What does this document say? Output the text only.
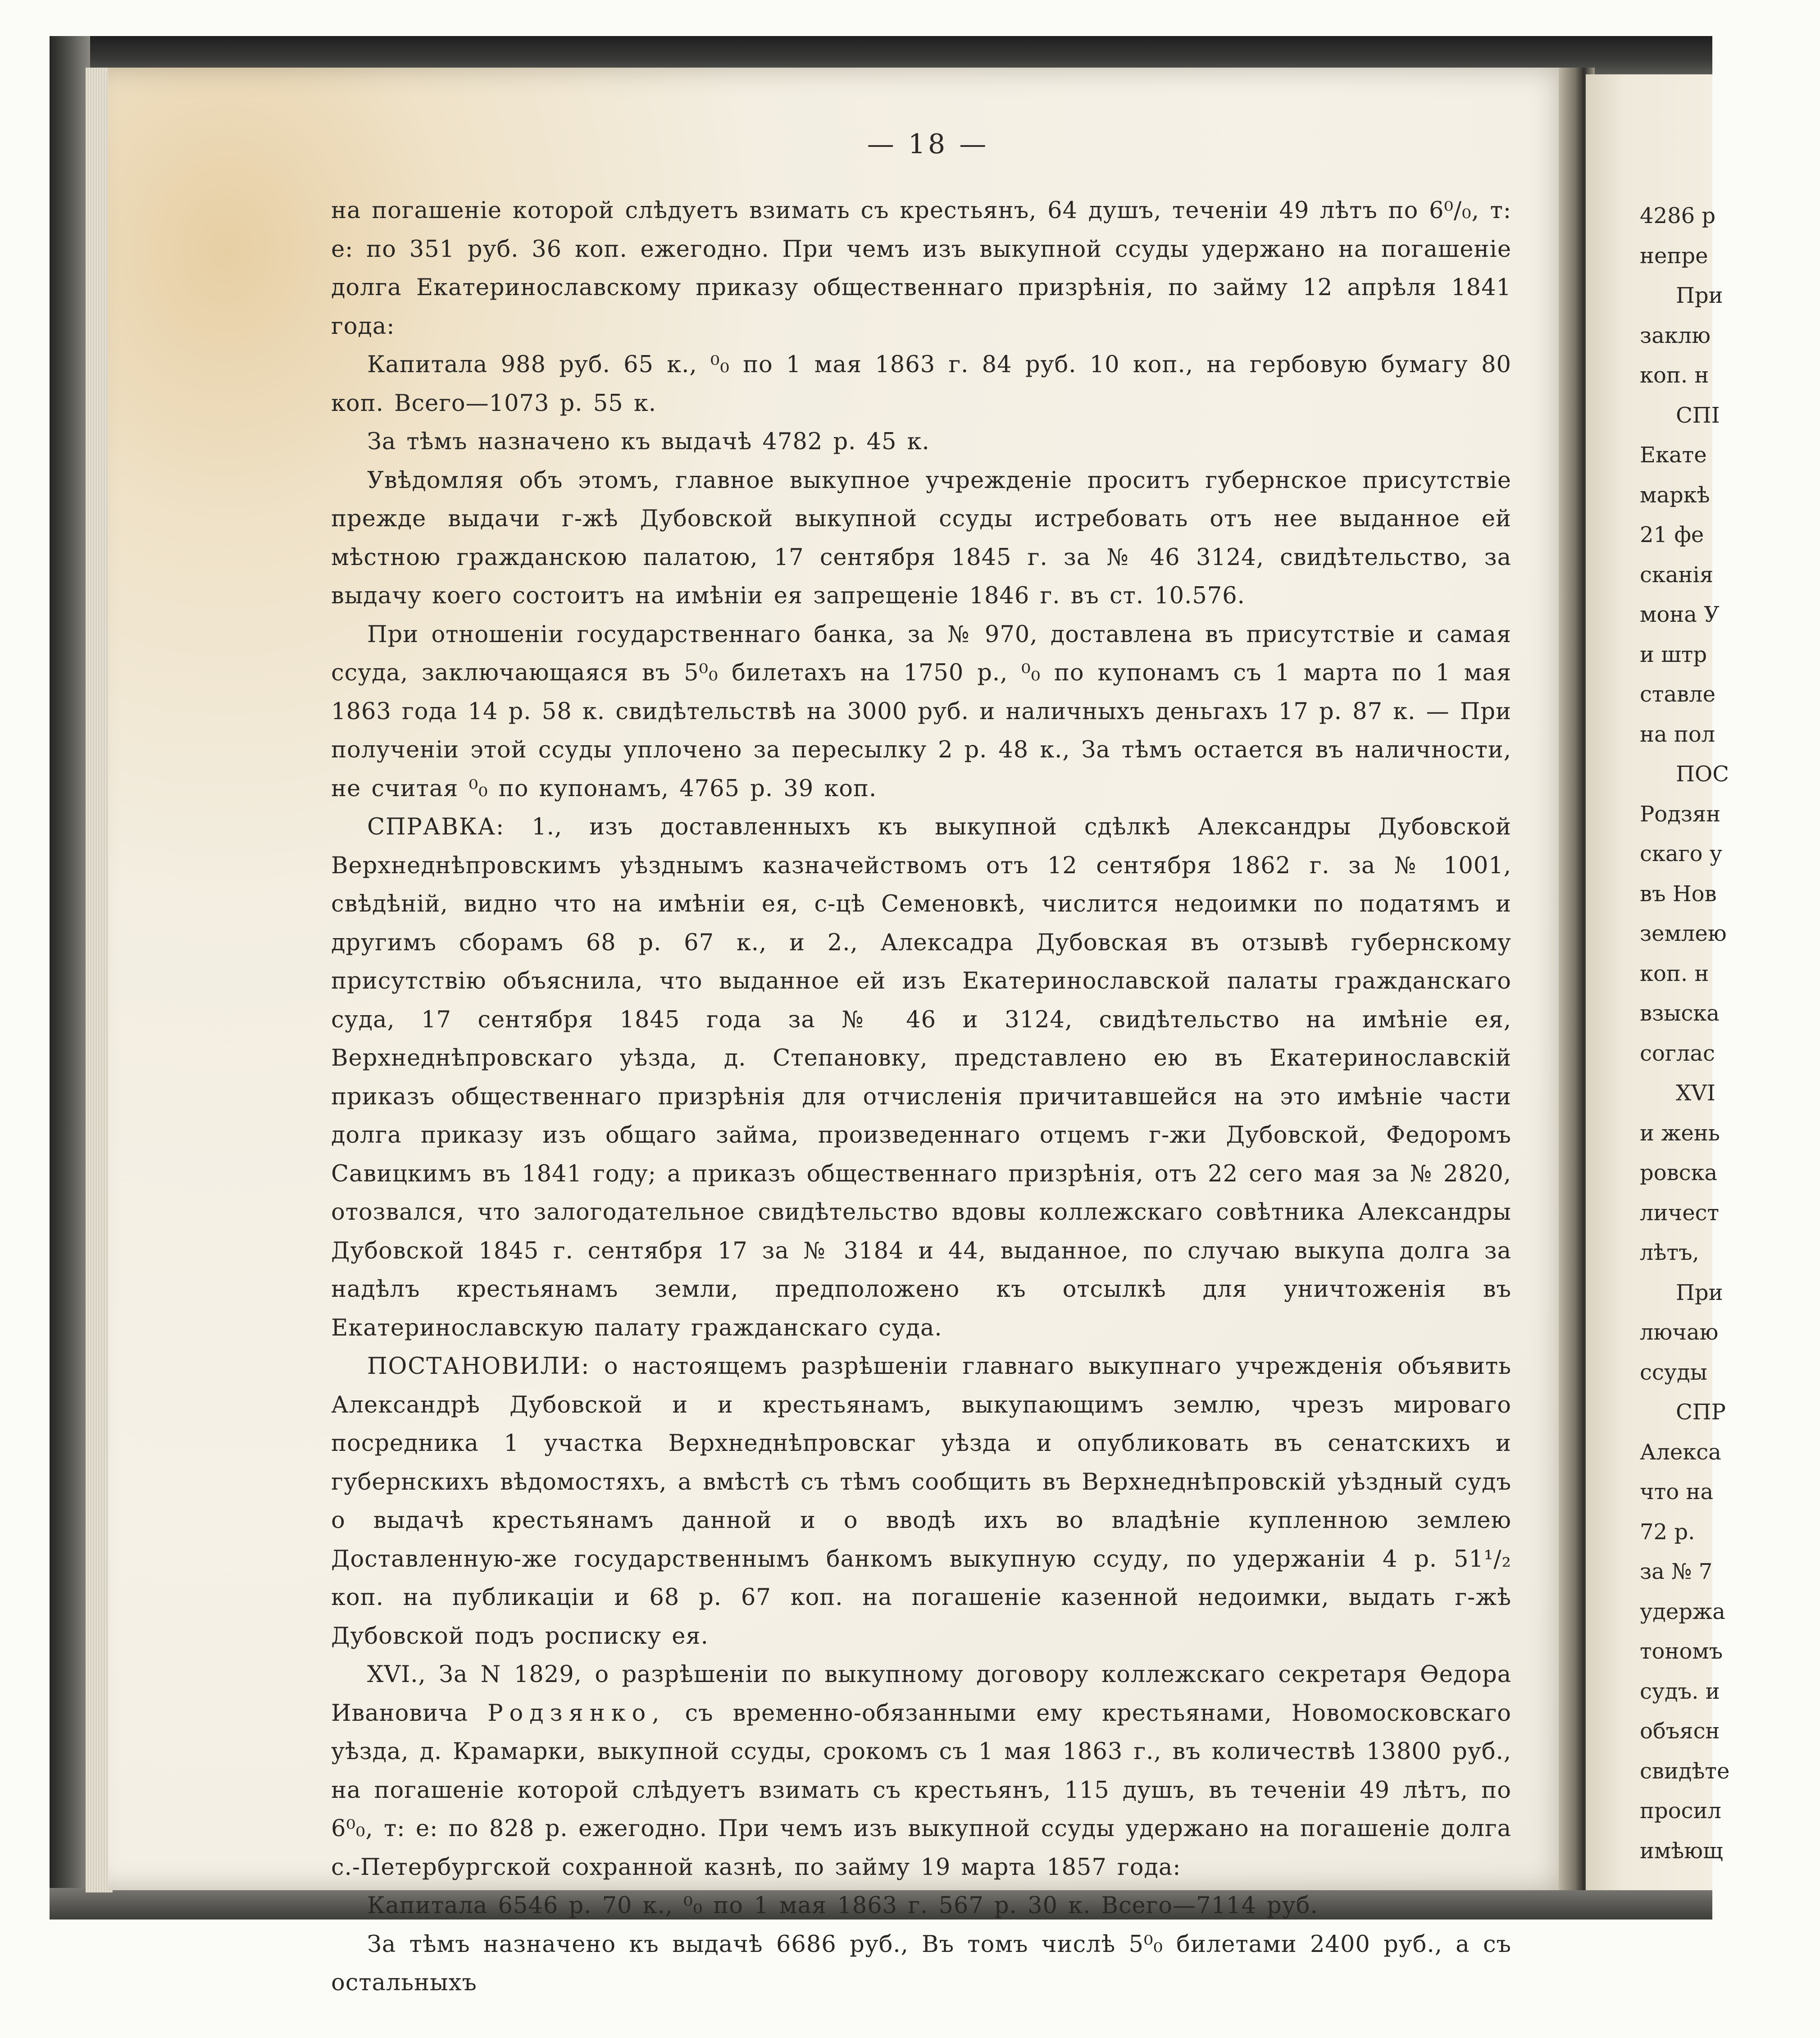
4286 р
непре
При
заклю
коп. н
СПІ
Екате
маркѣ
21 фе
сканія
мона У
и штр
ставле
на пол
ПОС
Родзян
скаго у
въ Нов
землею
коп. н
взыска
соглас
XVI
и жень
ровска
личест
лѣтъ,
При
лючаю
ссуды
СПР
Алекса
что на
72 р.
за № 7
удержа
тономъ
судъ. и
объясн
свидѣте
просил
имѣющ
— 18 —

на погашеніе которой слѣдуетъ взимать съ крестьянъ, 64 душъ, теченіи 49 лѣтъ по 6⁰/₀, т: е: по 351 руб. 36 коп. ежегодно. При чемъ изъ выкупной ссуды удержано на погашеніе долга Екатеринославскому приказу общественнаго призрѣнія, по займу 12 апрѣля 1841 года:

Капитала 988 руб. 65 к., ⁰₀ по 1 мая 1863 г. 84 руб. 10 коп., на гербовую бумагу 80 коп. Всего—1073 р. 55 к.

За тѣмъ назначено къ выдачѣ 4782 р. 45 к.

Увѣдомляя объ этомъ, главное выкупное учрежденіе проситъ губернское присутствіе прежде выдачи г-жѣ Дубовской выкупной ссуды истребовать отъ нее выданное ей мѣстною гражданскою палатою, 17 сентября 1845 г. за № 46 3124, свидѣтельство, за выдачу коего состоитъ на имѣніи ея запрещеніе 1846 г. въ ст. 10.576.

При отношеніи государственнаго банка, за № 970, доставлена въ присутствіе и самая ссуда, заключающаяся въ 5⁰₀ билетахъ на 1750 р., ⁰₀ по купонамъ съ 1 марта по 1 мая 1863 года 14 р. 58 к. свидѣтельствѣ на 3000 руб. и наличныхъ деньгахъ 17 р. 87 к. — При полученіи этой ссуды уплочено за пересылку 2 р. 48 к., За тѣмъ остается въ наличности, не считая ⁰₀ по купонамъ, 4765 р. 39 коп.

СПРАВКА: 1., изъ доставленныхъ къ выкупной сдѣлкѣ Александры Дубовской Верхнеднѣпровскимъ уѣзднымъ казначействомъ отъ 12 сентября 1862 г. за № 1001, свѣдѣній, видно что на имѣніи ея, с-цѣ Семеновкѣ, числится недоимки по податямъ и другимъ сборамъ 68 р. 67 к., и 2., Алексадра Дубовская въ отзывѣ губернскому присутствію объяснила, что выданное ей изъ Екатеринославской палаты гражданскаго суда, 17 сентября 1845 года за № 46 и 3124, свидѣтельство на имѣніе ея, Верхнеднѣпровскаго уѣзда, д. Степановку, представлено ею въ Екатеринославскій приказъ общественнаго призрѣнія для отчисленія причитавшейся на это имѣніе части долга приказу изъ общаго займа, произведеннаго отцемъ г-жи Дубовской, Федоромъ Савицкимъ въ 1841 году; а приказъ общественнаго призрѣнія, отъ 22 сего мая за № 2820, отозвался, что залогодательное свидѣтельство вдовы коллежскаго совѣтника Александры Дубовской 1845 г. сентября 17 за № 3184 и 44, выданное, по случаю выкупа долга за надѣлъ крестьянамъ земли, предположено къ отсылкѣ для уничтоженія въ Екатеринославскую палату гражданскаго суда.

ПОСТАНОВИЛИ: о настоящемъ разрѣшеніи главнаго выкупнаго учрежденія объявить Александрѣ Дубовской и и крестьянамъ, выкупающимъ землю, чрезъ мироваго посредника 1 участка Верхнеднѣпровскаг уѣзда и опубликовать въ сенатскихъ и губернскихъ вѣдомостяхъ, а вмѣстѣ съ тѣмъ сообщить въ Верхнеднѣпровскій уѣздный судъ о выдачѣ крестьянамъ данной и о вводѣ ихъ во владѣніе купленною землею Доставленную-же государственнымъ банкомъ выкупную ссуду, по удержаніи 4 р. 51¹/₂ коп. на публикаціи и 68 р. 67 коп. на погашеніе казенной недоимки, выдать г-жѣ Дубовской подъ росписку ея.

XVI., За N 1829, о разрѣшеніи по выкупному договору коллежскаго секретаря Өедора Ивановича Родзянко, съ временно-обязанными ему крестьянами, Новомосковскаго уѣзда, д. Крамарки, выкупной ссуды, срокомъ съ 1 мая 1863 г., въ количествѣ 13800 руб., на погашеніе которой слѣдуетъ взимать съ крестьянъ, 115 душъ, въ теченіи 49 лѣтъ, по 6⁰₀, т: е: по 828 р. ежегодно. При чемъ изъ выкупной ссуды удержано на погашеніе долга с.-Петербургской сохранной казнѣ, по займу 19 марта 1857 года:

Капитала 6546 р. 70 к., ⁰₀ по 1 мая 1863 г. 567 р. 30 к. Всего—7114 руб.

За тѣмъ назначено къ выдачѣ 6686 руб., Въ томъ числѣ 5⁰₀ билетами 2400 руб., а съ остальныхъ
